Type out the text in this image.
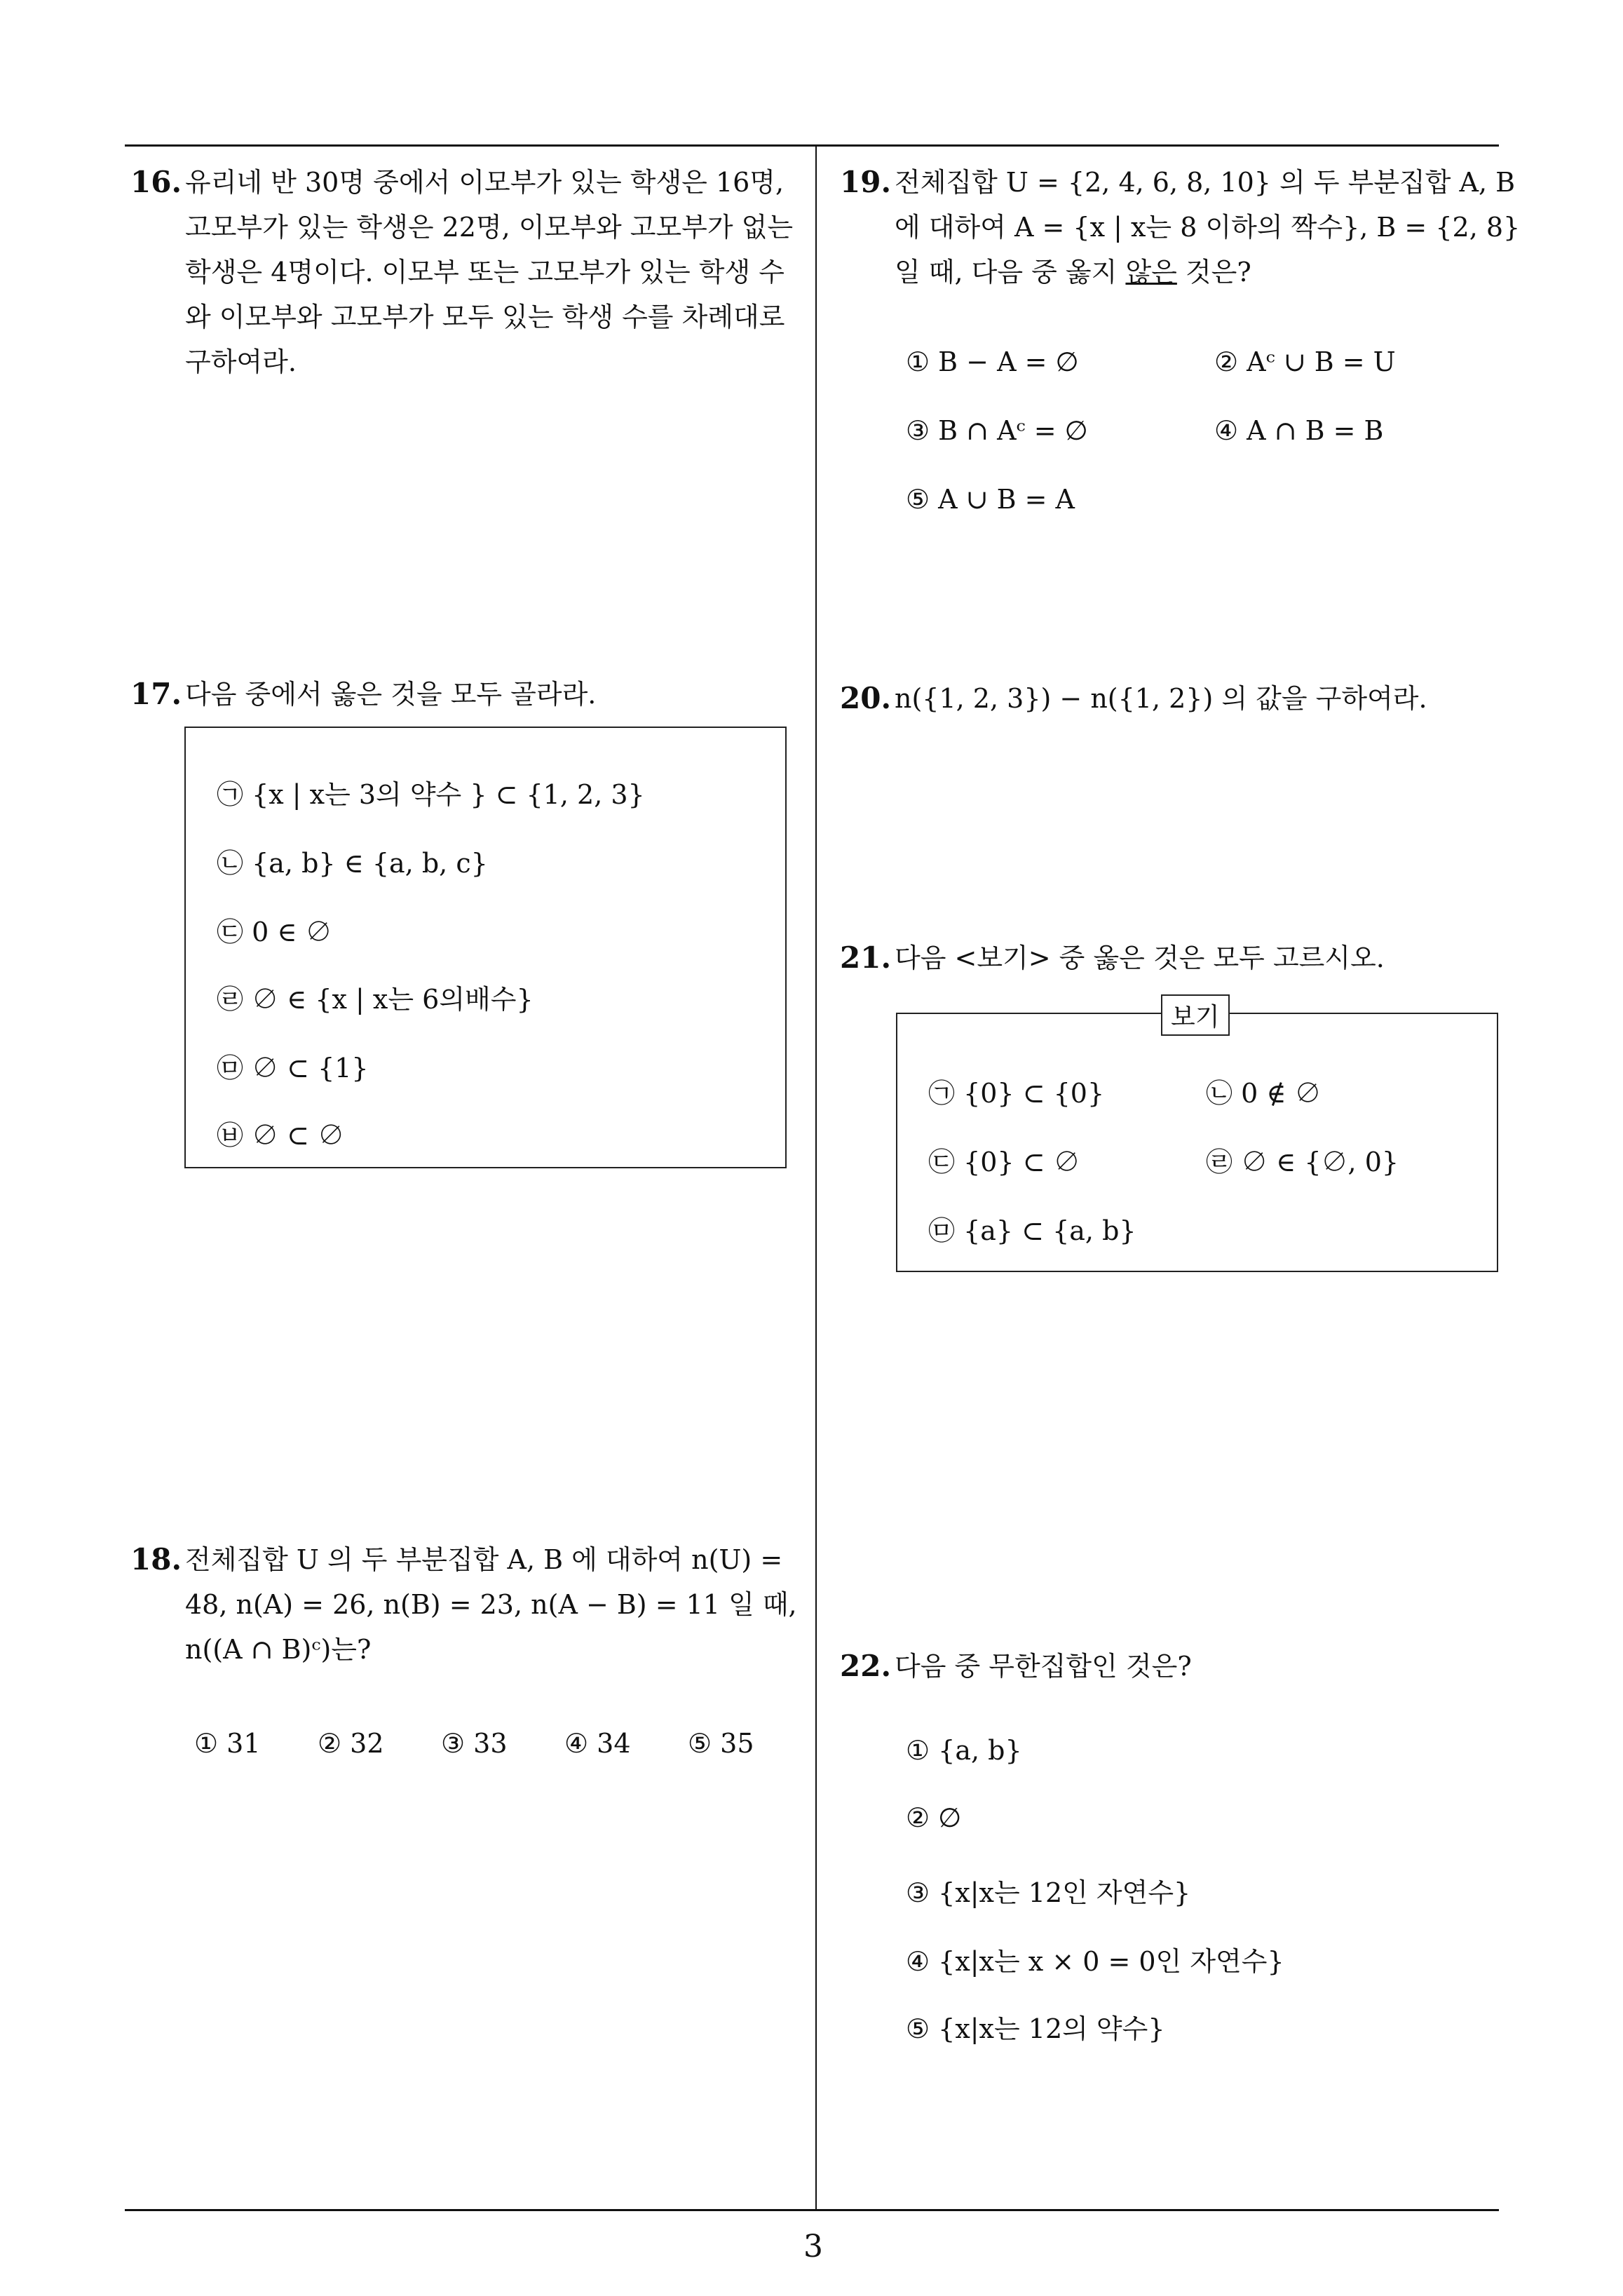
16. 유리네 반 30명 중에서 이모부가 있는 학생은 16명,
고모부가 있는 학생은 22명, 이모부와 고모부가 없는
학생은 4명이다. 이모부 또는 고모부가 있는 학생 수
와 이모부와 고모부가 모두 있는 학생 수를 차례대로
구하여라.
17. 다음 중에서 옳은 것을 모두 골라라.
㉠ {x | x는 3의 약수 } ⊂ {1, 2, 3}
㉡ {a, b} ∈ {a, b, c}
㉢ 0 ∈ ∅
㉣ ∅ ∈ {x | x는 6의배수}
㉤ ∅ ⊂ {1}
㉥ ∅ ⊂ ∅
18. 전체집합 U 의 두 부분집합 A, B 에 대하여 n(U) =
48, n(A) = 26, n(B) = 23, n(A − B) = 11 일 때,
n((A ∩ B)ᶜ)는?
① 31 ② 32 ③ 33 ④ 34 ⑤ 35
19. 전체집합 U = {2, 4, 6, 8, 10} 의 두 부분집합 A, B
에 대하여 A = {x | x는 8 이하의 짝수}, B = {2, 8}
일 때, 다음 중 옳지 않은 것은?
① B − A = ∅	② Aᶜ ∪ B = U
③ B ∩ Aᶜ = ∅	④ A ∩ B = B
⑤ A ∪ B = A
20. n({1, 2, 3}) − n({1, 2}) 의 값을 구하여라.
21. 다음 <보기> 중 옳은 것은 모두 고르시오.
㉠ {0} ⊂ {0}	㉡ 0 ∉ ∅
㉢ {0} ⊂ ∅	㉣ ∅ ∈ {∅, 0}
㉤ {a} ⊂ {a, b}
보기
22. 다음 중 무한집합인 것은?
① {a, b}
② ∅
③ {x|x는 12인 자연수}
④ {x|x는 x × 0 = 0인 자연수}
⑤ {x|x는 12의 약수}
3
